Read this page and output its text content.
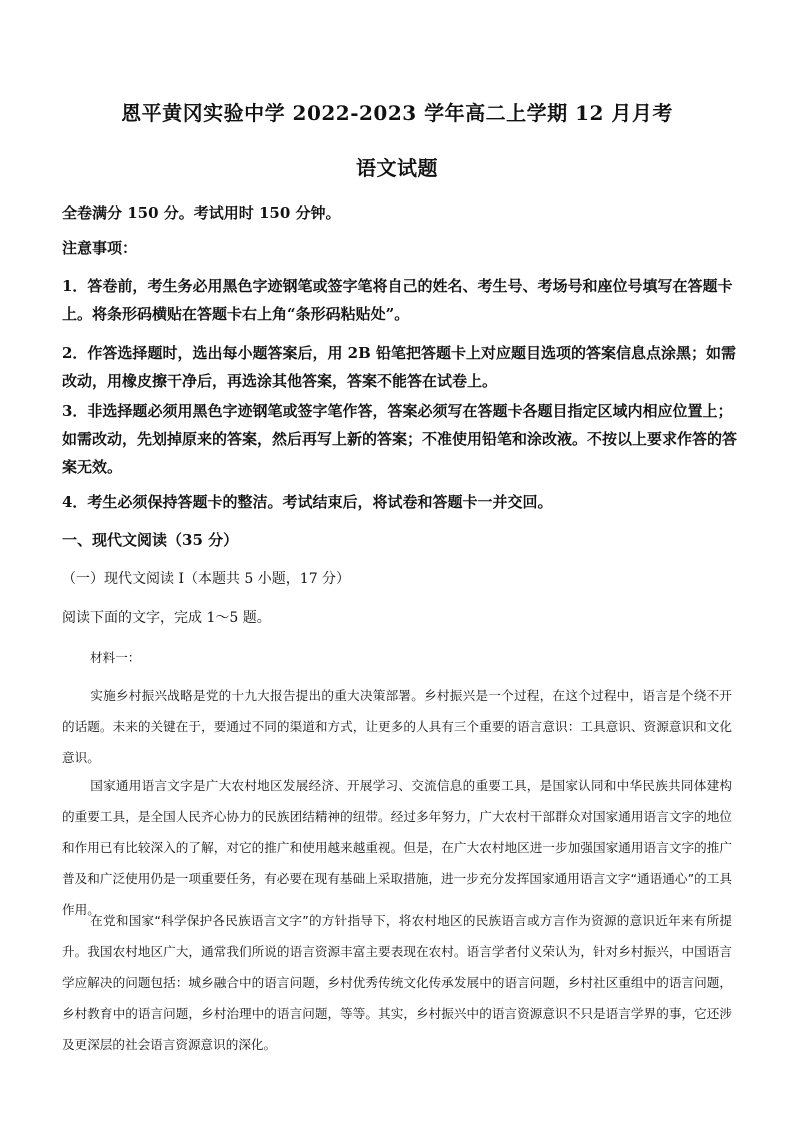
恩平黄冈实验中学 2022-2023 学年高二上学期 12 月月考
语文试题
全卷满分 150 分。考试用时 150 分钟。
注意事项：
1．答卷前，考生务必用黑色字迹钢笔或签字笔将自己的姓名、考生号、考场号和座位号填写在答题卡上。将条形码横贴在答题卡右上角“条形码粘贴处”。
2．作答选择题时，选出每小题答案后，用 2B 铅笔把答题卡上对应题目选项的答案信息点涂黑；如需改动，用橡皮擦干净后，再选涂其他答案，答案不能答在试卷上。
3．非选择题必须用黑色字迹钢笔或签字笔作答，答案必须写在答题卡各题目指定区域内相应位置上；如需改动，先划掉原来的答案，然后再写上新的答案；不准使用铅笔和涂改液。不按以上要求作答的答案无效。
4．考生必须保持答题卡的整洁。考试结束后，将试卷和答题卡一并交回。
一、现代文阅读（35 分）
（一）现代文阅读 I（本题共 5 小题，17 分）
阅读下面的文字，完成 1～5 题。
材料一：
实施乡村振兴战略是党的十九大报告提出的重大决策部署。乡村振兴是一个过程，在这个过程中，语言是个绕不开的话题。未来的关键在于，要通过不同的渠道和方式，让更多的人具有三个重要的语言意识：工具意识、资源意识和文化意识。
国家通用语言文字是广大农村地区发展经济、开展学习、交流信息的重要工具，是国家认同和中华民族共同体建构的重要工具，是全国人民齐心协力的民族团结精神的纽带。经过多年努力，广大农村干部群众对国家通用语言文字的地位和作用已有比较深入的了解，对它的推广和使用越来越重视。但是，在广大农村地区进一步加强国家通用语言文字的推广普及和广泛使用仍是一项重要任务，有必要在现有基础上采取措施，进一步充分发挥国家通用语言文字“通语通心”的工具作用。
在党和国家“科学保护各民族语言文字”的方针指导下，将农村地区的民族语言或方言作为资源的意识近年来有所提升。我国农村地区广大，通常我们所说的语言资源丰富主要表现在农村。语言学者付义荣认为，针对乡村振兴，中国语言学应解决的问题包括：城乡融合中的语言问题，乡村优秀传统文化传承发展中的语言问题，乡村社区重组中的语言问题，乡村教育中的语言问题，乡村治理中的语言问题，等等。其实，乡村振兴中的语言资源意识不只是语言学界的事，它还涉及更深层的社会语言资源意识的深化。
